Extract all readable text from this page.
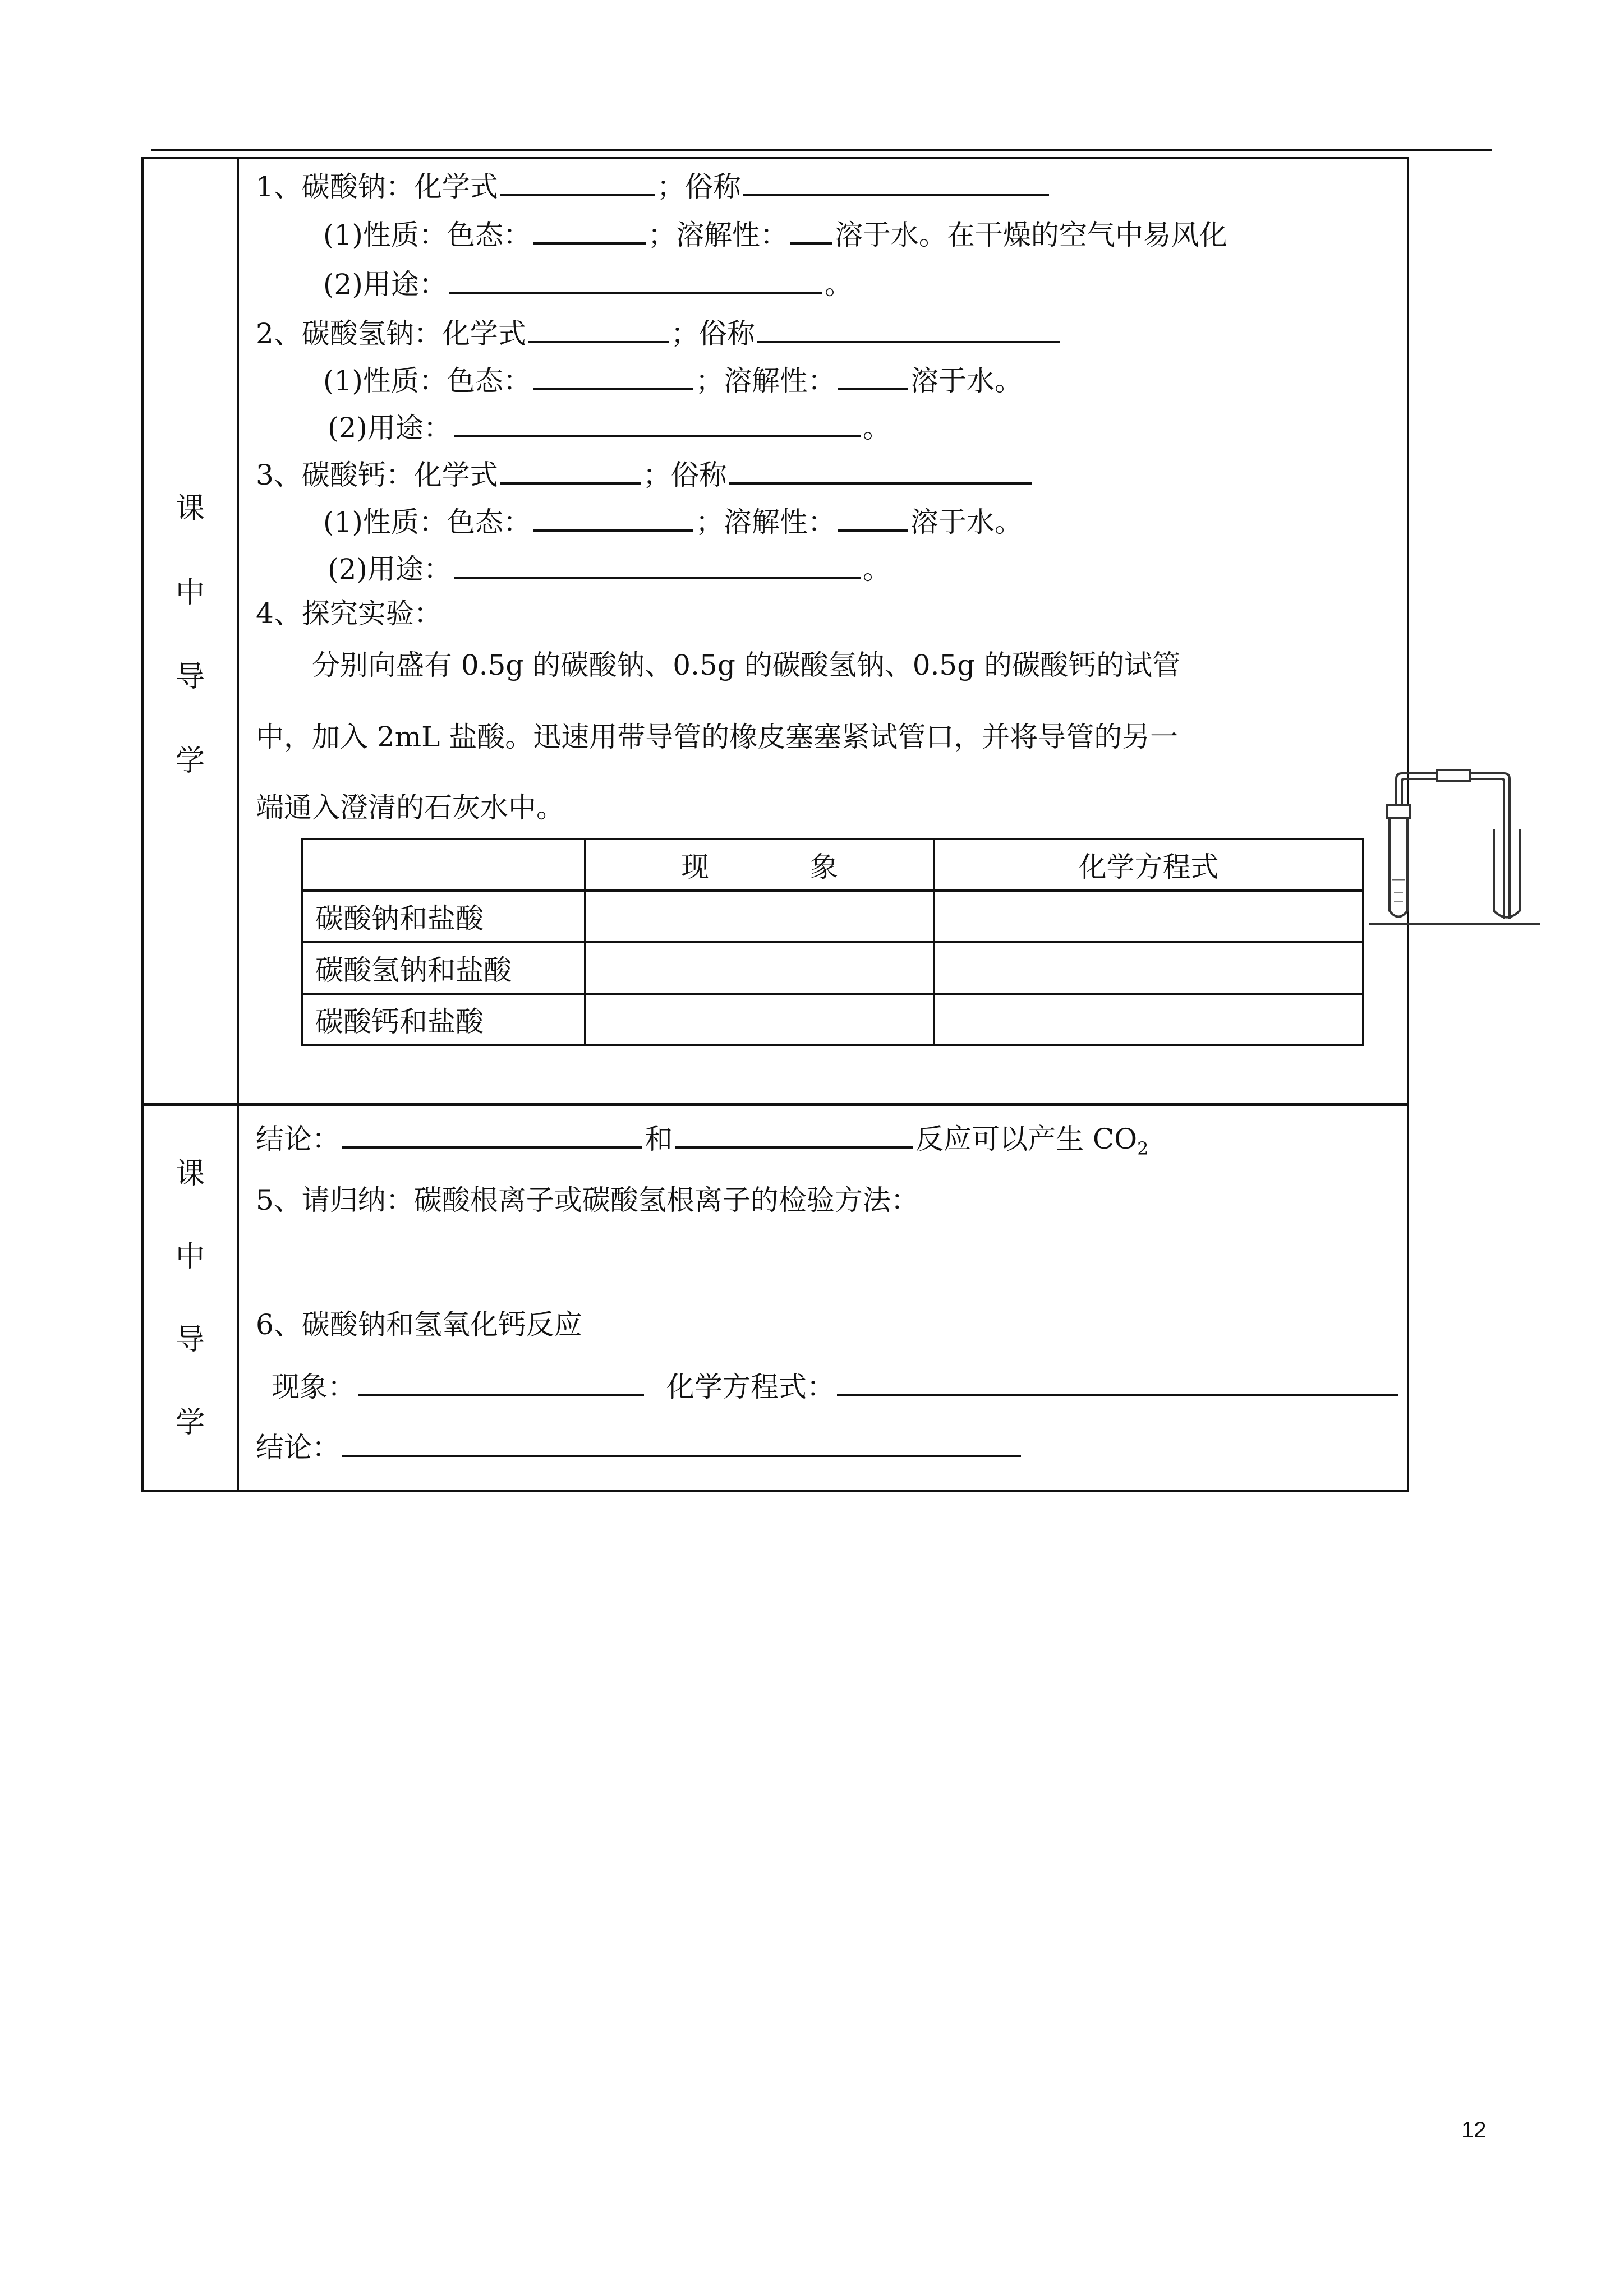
课
中
导
学
1、碳酸钠：化学式	；俗称
(1)性质：色态：	；溶解性： 溶于水。在干燥的空气中易风化
(2)用途：	。
2、碳酸氢钠：化学式	；俗称
(1)性质：色态：	；溶解性：	溶于水。
(2)用途：	。
3、碳酸钙：化学式	；俗称
(1)性质：色态：	；溶解性：	溶于水。
(2)用途：	。
4、探究实验：
分别向盛有 0.5g 的碳酸钠、0.5g 的碳酸氢钠、0.5g 的碳酸钙的试管
中，加入 2mL 盐酸。迅速用带导管的橡皮塞塞紧试管口，并将导管的另一
端通入澄清的石灰水中。
	现 象	化学方程式
碳酸钠和盐酸		
碳酸氢钠和盐酸		
碳酸钙和盐酸		
课
中
导
学
结论：	和	反应可以产生 $CO_2$
5、请归纳：碳酸根离子或碳酸氢根离子的检验方法：
6、碳酸钠和氢氧化钙反应
现象：	化学方程式：
结论：
12
